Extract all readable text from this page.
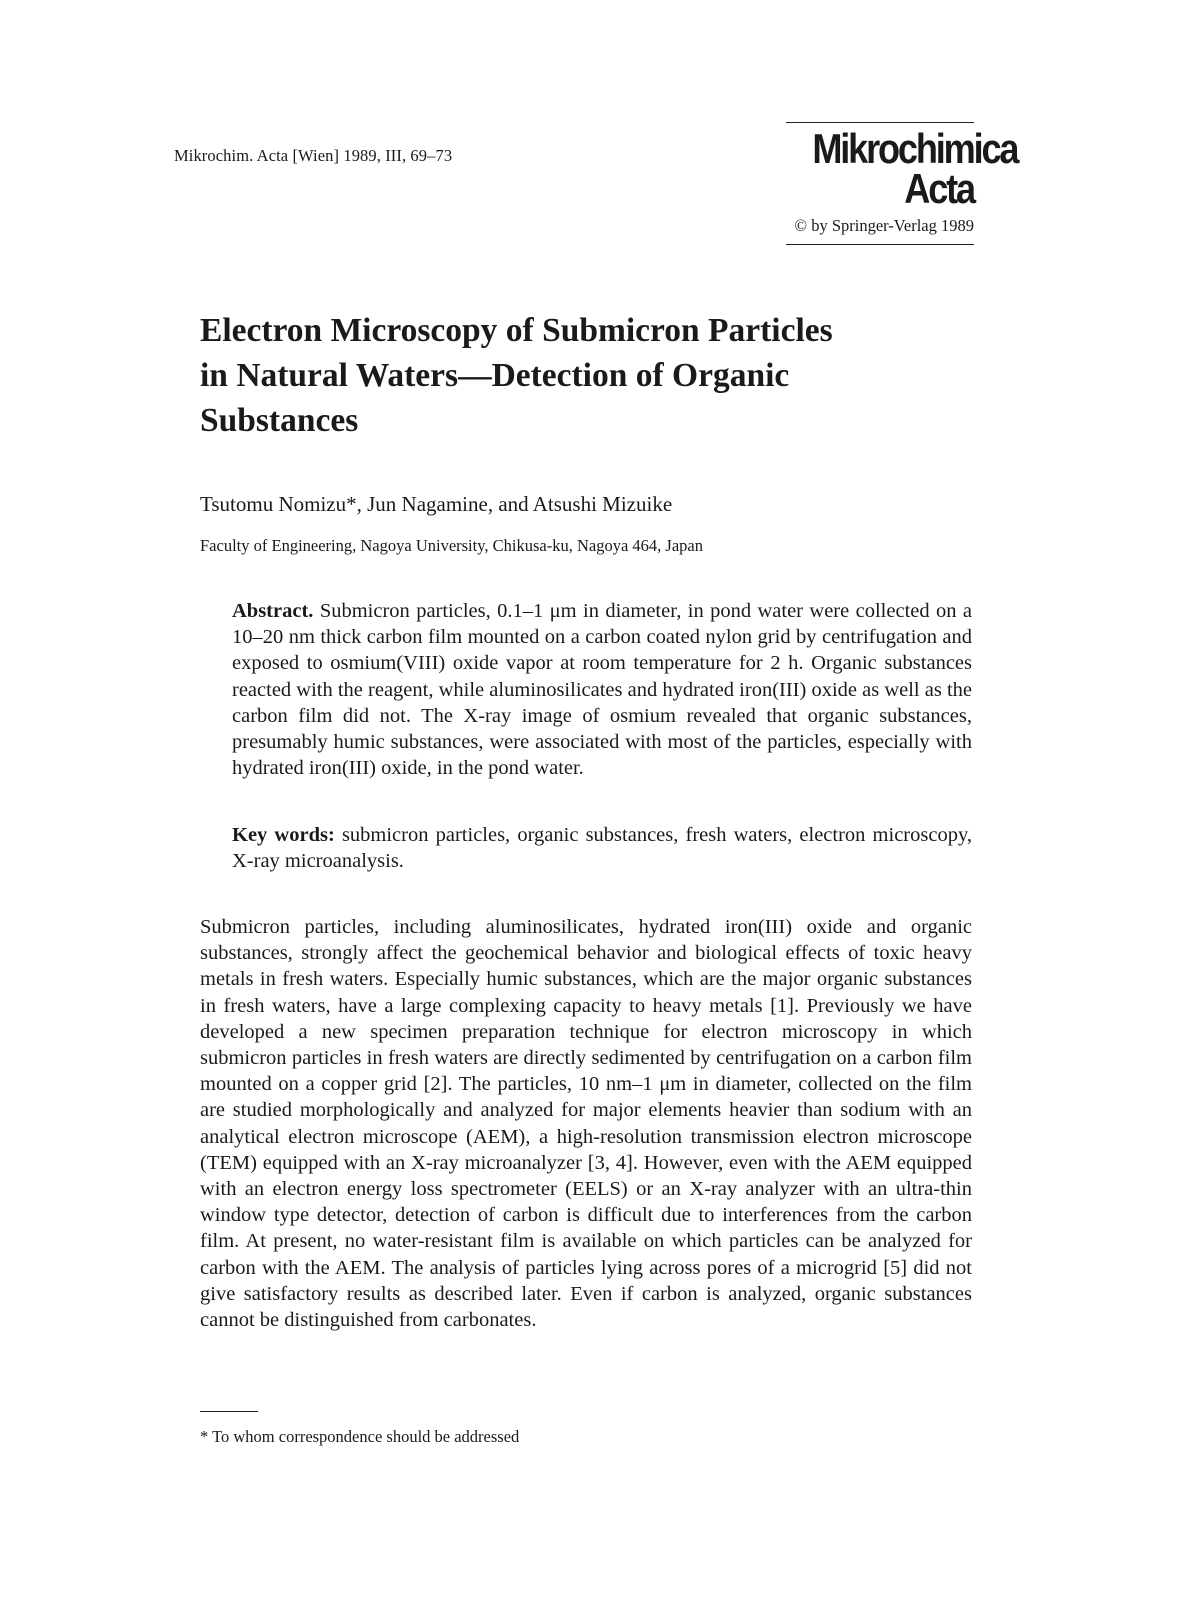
Mikrochim. Acta [Wien] 1989, III, 69–73	Mikrochimica
Acta
© by Springer-Verlag 1989
Electron Microscopy of Submicron Particles
in Natural Waters—Detection of Organic
Substances
Tsutomu Nomizu*, Jun Nagamine, and Atsushi Mizuike
Faculty of Engineering, Nagoya University, Chikusa-ku, Nagoya 464, Japan

Abstract. Submicron particles, 0.1–1 μm in diameter, in pond water were collected on a 10–20 nm thick carbon film mounted on a carbon coated nylon grid by centrifugation and exposed to osmium(VIII) oxide vapor at room temperature for 2 h. Organic substances reacted with the reagent, while aluminosilicates and hydrated iron(III) oxide as well as the carbon film did not. The X-ray image of osmium revealed that organic substances, presumably humic substances, were associated with most of the particles, especially with hydrated iron(III) oxide, in the pond water.

Key words: submicron particles, organic substances, fresh waters, electron microscopy, X-ray microanalysis.

Submicron particles, including aluminosilicates, hydrated iron(III) oxide and organic substances, strongly affect the geochemical behavior and biological effects of toxic heavy metals in fresh waters. Especially humic substances, which are the major organic substances in fresh waters, have a large complexing capacity to heavy metals [1]. Previously we have developed a new specimen preparation technique for electron microscopy in which submicron particles in fresh waters are directly sedimented by centrifugation on a carbon film mounted on a copper grid [2]. The particles, 10 nm–1 μm in diameter, collected on the film are studied morphologically and analyzed for major elements heavier than sodium with an analytical electron microscope (AEM), a high-resolution transmission electron microscope (TEM) equipped with an X-ray microanalyzer [3, 4]. However, even with the AEM equipped with an electron energy loss spectrometer (EELS) or an X-ray analyzer with an ultra-thin window type detector, detection of carbon is difficult due to interferences from the carbon film. At present, no water-resistant film is available on which particles can be analyzed for carbon with the AEM. The analysis of particles lying across pores of a microgrid [5] did not give satisfactory results as described later. Even if carbon is analyzed, organic substances cannot be distinguished from carbonates.

* To whom correspondence should be addressed
